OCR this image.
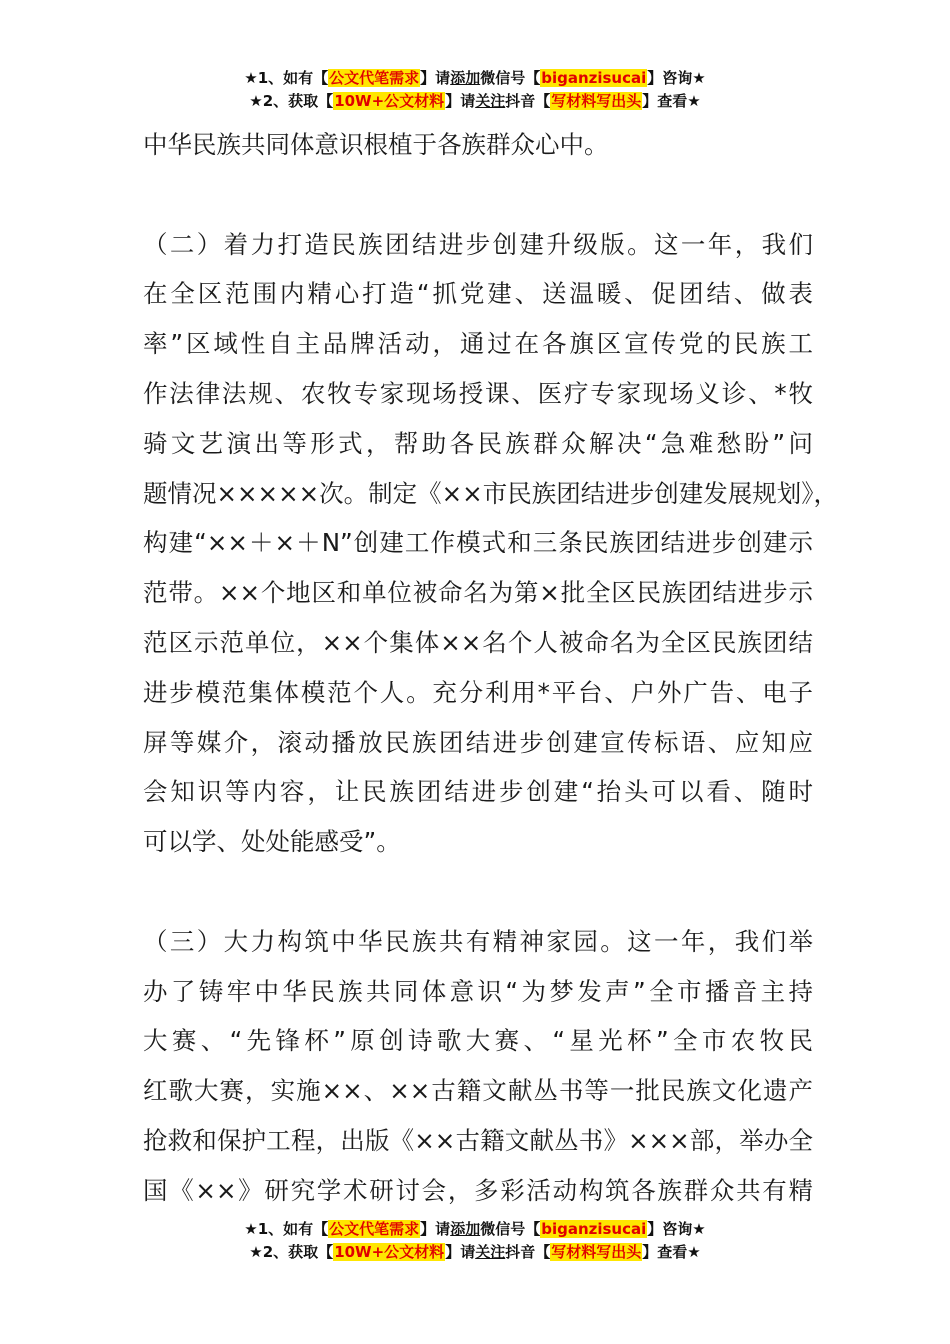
★1、如有【公文代笔需求】请添加微信号【biganzisucai】咨询★
★2、获取【10W+公文材料】请关注抖音【写材料写出头】查看★
中华民族共同体意识根植于各族群众心中。
（二）着力打造民族团结进步创建升级版。这一年，我们
在全区范围内精心打造“抓党建、送温暖、促团结、做表
率”区域性自主品牌活动，通过在各旗区宣传党的民族工
作法律法规、农牧专家现场授课、医疗专家现场义诊、*牧
骑文艺演出等形式，帮助各民族群众解决“急难愁盼”问
题情况×××××次。制定《××市民族团结进步创建发展规划》，
构建“××＋×＋N”创建工作模式和三条民族团结进步创建示
范带。××个地区和单位被命名为第×批全区民族团结进步示
范区示范单位，××个集体××名个人被命名为全区民族团结
进步模范集体模范个人。充分利用*平台、户外广告、电子
屏等媒介，滚动播放民族团结进步创建宣传标语、应知应
会知识等内容，让民族团结进步创建“抬头可以看、随时
可以学、处处能感受”。
（三）大力构筑中华民族共有精神家园。这一年，我们举
办了铸牢中华民族共同体意识“为梦发声”全市播音主持
大赛、“先锋杯”原创诗歌大赛、“星光杯”全市农牧民
红歌大赛，实施××、××古籍文献丛书等一批民族文化遗产
抢救和保护工程，出版《××古籍文献丛书》×××部，举办全
国《××》研究学术研讨会，多彩活动构筑各族群众共有精
★1、如有【公文代笔需求】请添加微信号【biganzisucai】咨询★
★2、获取【10W+公文材料】请关注抖音【写材料写出头】查看★
